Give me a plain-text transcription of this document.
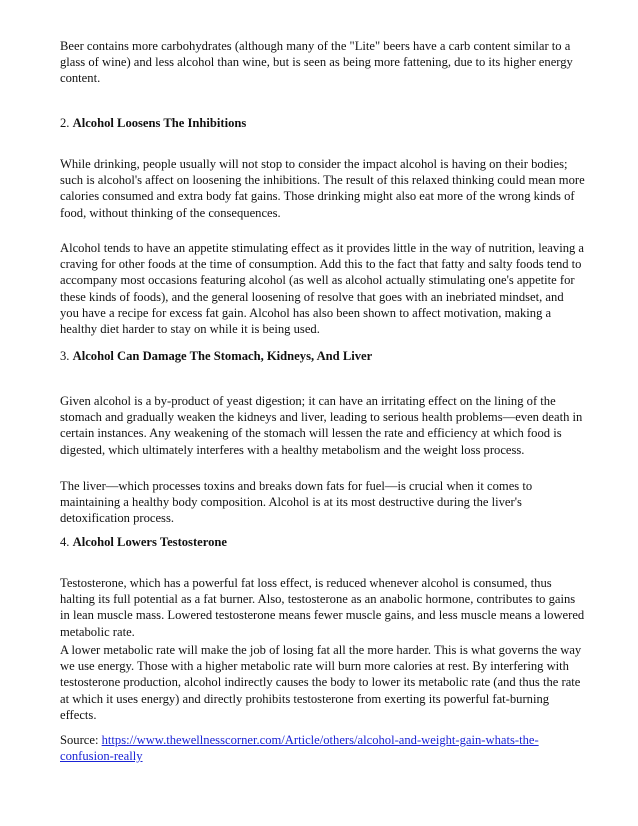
Beer contains more carbohydrates (although many of the "Lite" beers have a carb content similar to a glass of wine) and less alcohol than wine, but is seen as being more fattening, due to its higher energy content.

2. Alcohol Loosens The Inhibitions

While drinking, people usually will not stop to consider the impact alcohol is having on their bodies; such is alcohol's affect on loosening the inhibitions. The result of this relaxed thinking could mean more calories consumed and extra body fat gains. Those drinking might also eat more of the wrong kinds of food, without thinking of the consequences.

Alcohol tends to have an appetite stimulating effect as it provides little in the way of nutrition, leaving a craving for other foods at the time of consumption. Add this to the fact that fatty and salty foods tend to accompany most occasions featuring alcohol (as well as alcohol actually stimulating one's appetite for these kinds of foods), and the general loosening of resolve that goes with an inebriated mindset, and you have a recipe for excess fat gain. Alcohol has also been shown to affect motivation, making a healthy diet harder to stay on while it is being used.

3. Alcohol Can Damage The Stomach, Kidneys, And Liver

Given alcohol is a by-product of yeast digestion; it can have an irritating effect on the lining of the stomach and gradually weaken the kidneys and liver, leading to serious health problems—even death in certain instances. Any weakening of the stomach will lessen the rate and efficiency at which food is digested, which ultimately interferes with a healthy metabolism and the weight loss process.

The liver—which processes toxins and breaks down fats for fuel—is crucial when it comes to maintaining a healthy body composition. Alcohol is at its most destructive during the liver's detoxification process.

4. Alcohol Lowers Testosterone

Testosterone, which has a powerful fat loss effect, is reduced whenever alcohol is consumed, thus halting its full potential as a fat burner. Also, testosterone as an anabolic hormone, contributes to gains in lean muscle mass. Lowered testosterone means fewer muscle gains, and less muscle means a lowered metabolic rate.

A lower metabolic rate will make the job of losing fat all the more harder. This is what governs the way we use energy. Those with a higher metabolic rate will burn more calories at rest. By interfering with testosterone production, alcohol indirectly causes the body to lower its metabolic rate (and thus the rate at which it uses energy) and directly prohibits testosterone from exerting its powerful fat-burning effects.

Source: https://www.thewellnesscorner.com/Article/others/alcohol-and-weight-gain-whats-the-confusion-really
